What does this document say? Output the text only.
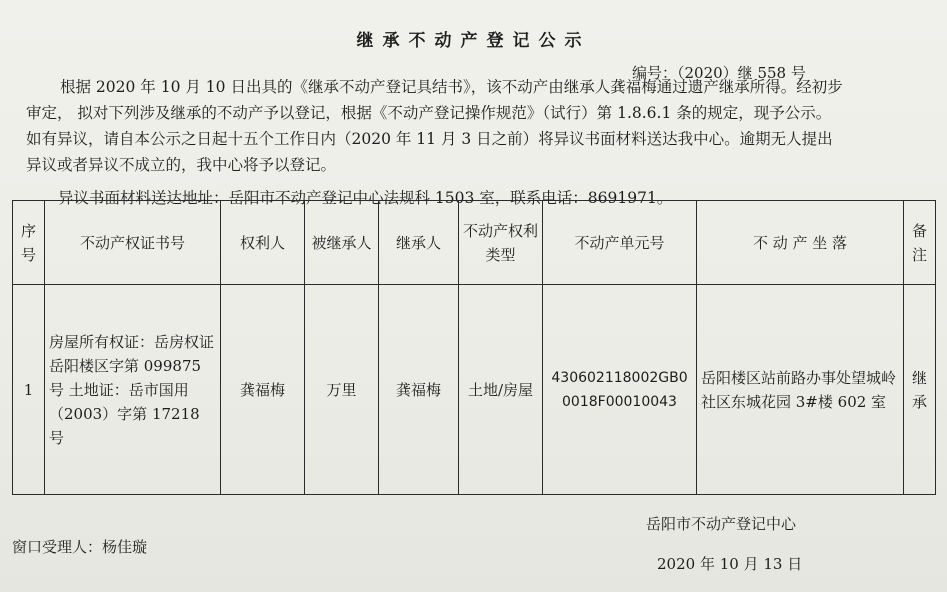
继承不动产登记公示
编号：（2020）继 558 号
根据 2020 年 10 月 10 日出具的《继承不动产登记具结书》，该不动产由继承人龚福梅通过遗产继承所得。经初步
审定， 拟对下列涉及继承的不动产予以登记，根据《不动产登记操作规范》（试行）第 1.8.6.1 条的规定，现予公示。
如有异议，请自本公示之日起十五个工作日内（2020 年 11 月 3 日之前）将异议书面材料送达我中心。逾期无人提出
异议或者异议不成立的，我中心将予以登记。
异议书面材料送达地址：岳阳市不动产登记中心法规科 1503 室，联系电话：8691971。
序号	不动产权证书号	权利人	被继承人	继承人	不动产权利类型	不动产单元号	不 动 产 坐 落	备注
1	房屋所有权证：岳房权证岳阳楼区字第 099875 号 土地证：岳市国用（2003）字第 17218 号	龚福梅	万里	龚福梅	土地/房屋	430602118002GB00018F00010043	岳阳楼区站前路办事处望城岭社区东城花园 3#楼 602 室	继承
岳阳市不动产登记中心
窗口受理人：杨佳璇
2020 年 10 月 13 日
